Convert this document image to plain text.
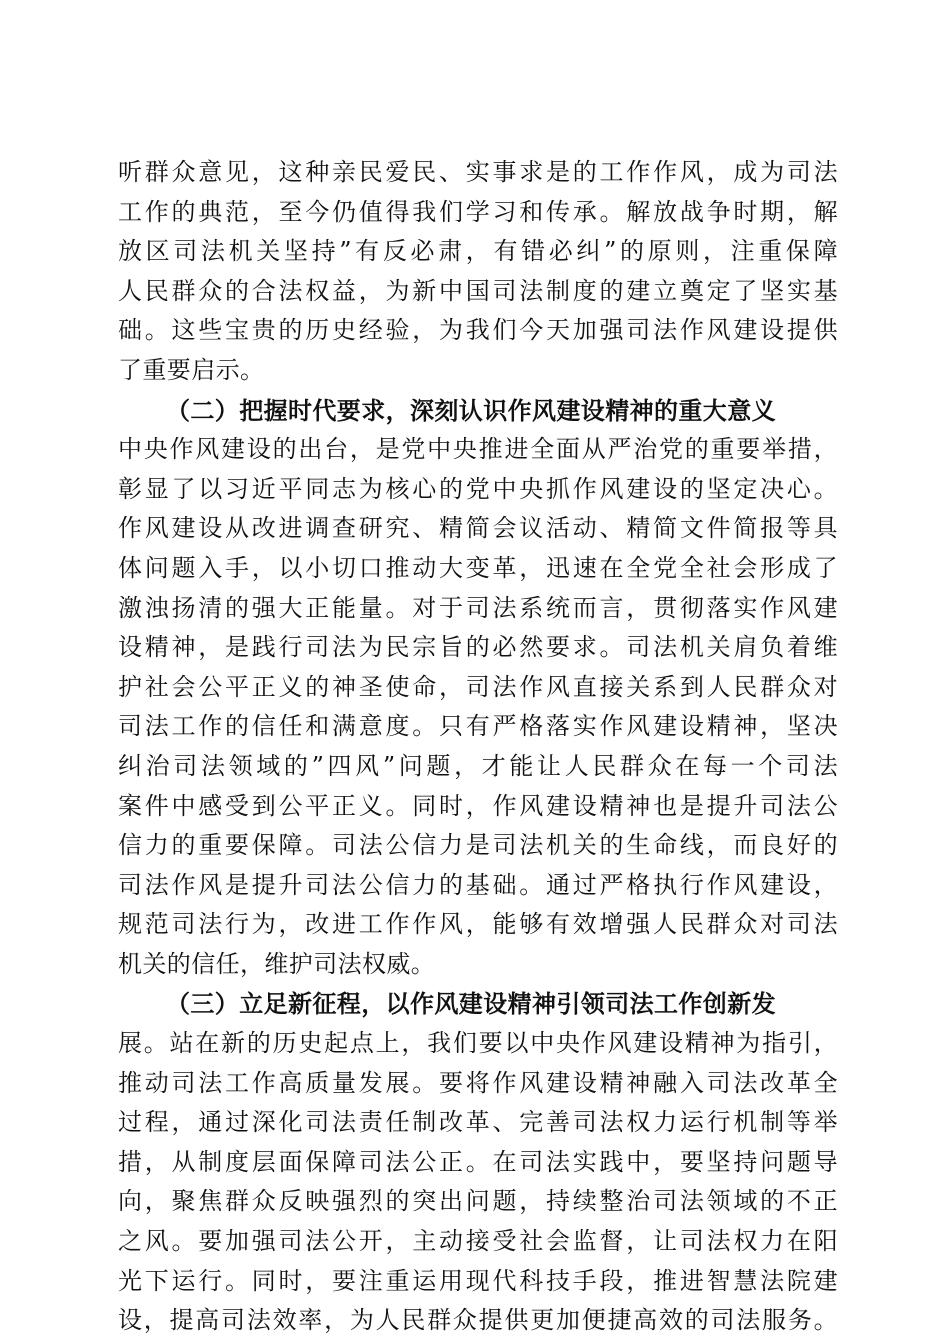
听群众意见，这种亲民爱民、实事求是的工作作风，成为司法
工作的典范，至今仍值得我们学习和传承。解放战争时期，解
放区司法机关坚持”有反必肃，有错必纠”的原则，注重保障
人民群众的合法权益，为新中国司法制度的建立奠定了坚实基
础。这些宝贵的历史经验，为我们今天加强司法作风建设提供
了重要启示。
（二）把握时代要求，深刻认识作风建设精神的重大意义
中央作风建设的出台，是党中央推进全面从严治党的重要举措，
彰显了以习近平同志为核心的党中央抓作风建设的坚定决心。
作风建设从改进调查研究、精简会议活动、精简文件简报等具
体问题入手，以小切口推动大变革，迅速在全党全社会形成了
激浊扬清的强大正能量。对于司法系统而言，贯彻落实作风建
设精神，是践行司法为民宗旨的必然要求。司法机关肩负着维
护社会公平正义的神圣使命，司法作风直接关系到人民群众对
司法工作的信任和满意度。只有严格落实作风建设精神，坚决
纠治司法领域的”四风”问题，才能让人民群众在每一个司法
案件中感受到公平正义。同时，作风建设精神也是提升司法公
信力的重要保障。司法公信力是司法机关的生命线，而良好的
司法作风是提升司法公信力的基础。通过严格执行作风建设，
规范司法行为，改进工作作风，能够有效增强人民群众对司法
机关的信任，维护司法权威。
（三）立足新征程，以作风建设精神引领司法工作创新发
展。站在新的历史起点上，我们要以中央作风建设精神为指引，
推动司法工作高质量发展。要将作风建设精神融入司法改革全
过程，通过深化司法责任制改革、完善司法权力运行机制等举
措，从制度层面保障司法公正。在司法实践中，要坚持问题导
向，聚焦群众反映强烈的突出问题，持续整治司法领域的不正
之风。要加强司法公开，主动接受社会监督，让司法权力在阳
光下运行。同时，要注重运用现代科技手段，推进智慧法院建
设，提高司法效率，为人民群众提供更加便捷高效的司法服务。
